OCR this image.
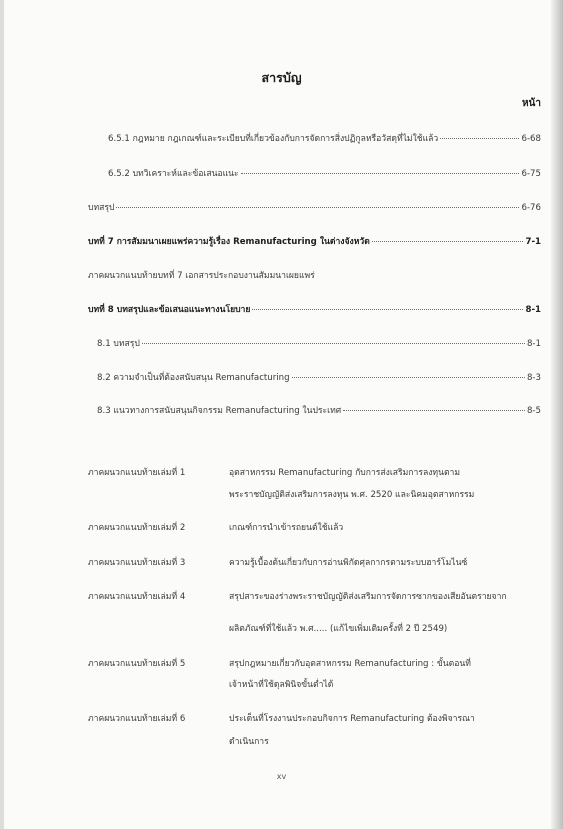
สารบัญ
หน้า
6.5.1 กฎหมาย กฎเกณฑ์และระเบียบที่เกี่ยวข้องกับการจัดการสิ่งปฏิกูลหรือวัสดุที่ไม่ใช้แล้ว	6-68
6.5.2 บทวิเคราะห์และข้อเสนอแนะ	6-75
บทสรุป	6-76
บทที่ 7 การสัมมนาเผยแพร่ความรู้เรื่อง Remanufacturing ในต่างจังหวัด	7-1
ภาคผนวกแนบท้ายบทที่ 7 เอกสารประกอบงานสัมมนาเผยแพร่
บทที่ 8 บทสรุปและข้อเสนอแนะทางนโยบาย	8-1
8.1 บทสรุป	8-1
8.2 ความจำเป็นที่ต้องสนับสนุน Remanufacturing	8-3
8.3 แนวทางการสนับสนุนกิจกรรม Remanufacturing ในประเทศ	8-5
ภาคผนวกแนบท้ายเล่มที่ 1	อุตสาหกรรม Remanufacturing กับการส่งเสริมการลงทุนตาม
พระราชบัญญัติส่งเสริมการลงทุน พ.ศ. 2520 และนิคมอุตสาหกรรม
ภาคผนวกแนบท้ายเล่มที่ 2	เกณฑ์การนำเข้ารถยนต์ใช้แล้ว
ภาคผนวกแนบท้ายเล่มที่ 3	ความรู้เบื้องต้นเกี่ยวกับการอ่านพิกัดศุลกากรตามระบบฮาร์โมไนซ์
ภาคผนวกแนบท้ายเล่มที่ 4	สรุปสาระของร่างพระราชบัญญัติส่งเสริมการจัดการซากของเสียอันตรายจาก
ผลิตภัณฑ์ที่ใช้แล้ว พ.ศ..... (แก้ไขเพิ่มเติมครั้งที่ 2 ปี 2549)
ภาคผนวกแนบท้ายเล่มที่ 5	สรุปกฎหมายเกี่ยวกับอุตสาหกรรม Remanufacturing : ขั้นตอนที่
เจ้าหน้าที่ใช้ดุลพินิจขั้นต่ำได้
ภาคผนวกแนบท้ายเล่มที่ 6	ประเด็นที่โรงงานประกอบกิจการ Remanufacturing ต้องพิจารณา
ดำเนินการ
xv
